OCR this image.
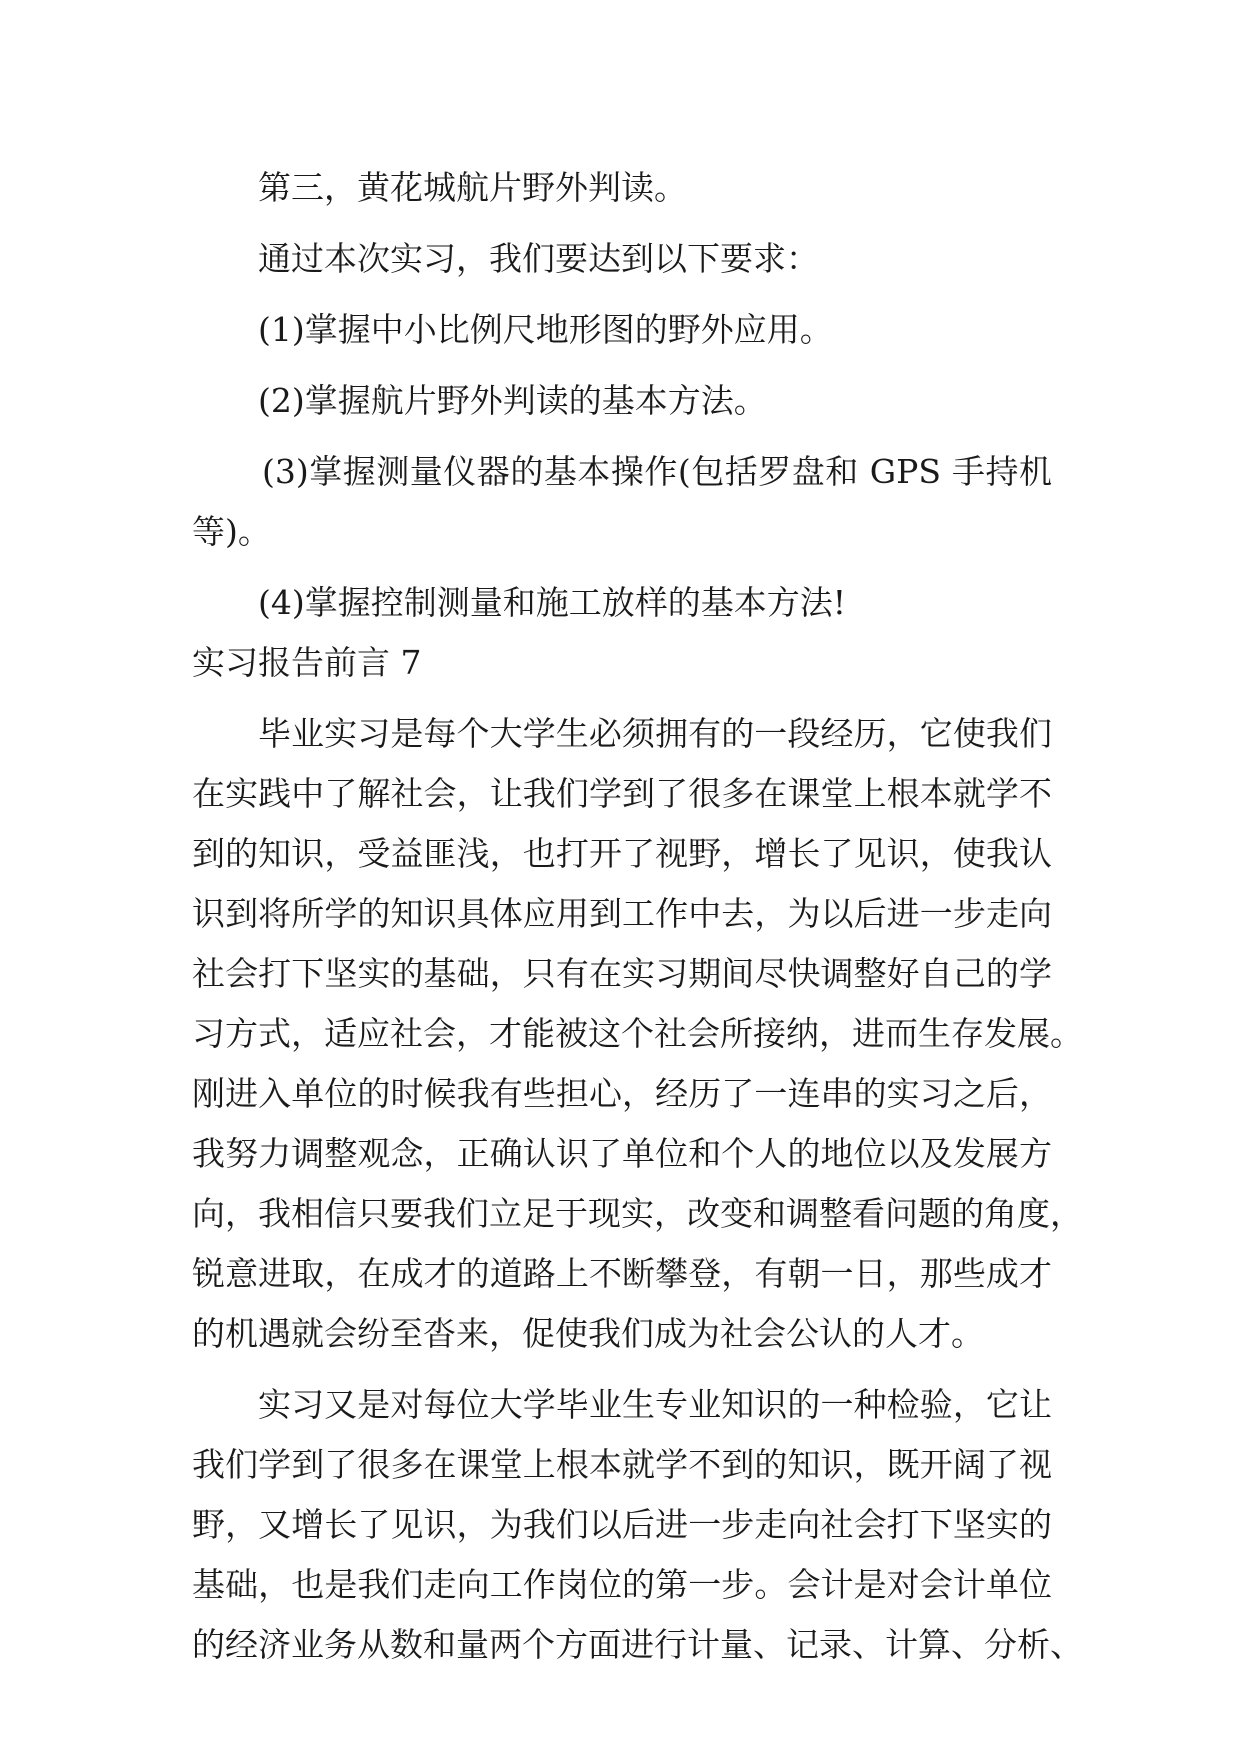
第三，黄花城航片野外判读。
通过本次实习，我们要达到以下要求：
(1)掌握中小比例尺地形图的野外应用。
(2)掌握航片野外判读的基本方法。
(3)掌握测量仪器的基本操作(包括罗盘和 GPS 手持机
等)。
(4)掌握控制测量和施工放样的基本方法!
实习报告前言 7
毕业实习是每个大学生必须拥有的一段经历，它使我们
在实践中了解社会，让我们学到了很多在课堂上根本就学不
到的知识，受益匪浅，也打开了视野，增长了见识，使我认
识到将所学的知识具体应用到工作中去，为以后进一步走向
社会打下坚实的基础，只有在实习期间尽快调整好自己的学
习方式，适应社会，才能被这个社会所接纳，进而生存发展。
刚进入单位的时候我有些担心，经历了一连串的实习之后，
我努力调整观念，正确认识了单位和个人的地位以及发展方
向，我相信只要我们立足于现实，改变和调整看问题的角度，
锐意进取，在成才的道路上不断攀登，有朝一日，那些成才
的机遇就会纷至沓来，促使我们成为社会公认的人才。
实习又是对每位大学毕业生专业知识的一种检验，它让
我们学到了很多在课堂上根本就学不到的知识，既开阔了视
野，又增长了见识，为我们以后进一步走向社会打下坚实的
基础，也是我们走向工作岗位的第一步。会计是对会计单位
的经济业务从数和量两个方面进行计量、记录、计算、分析、
